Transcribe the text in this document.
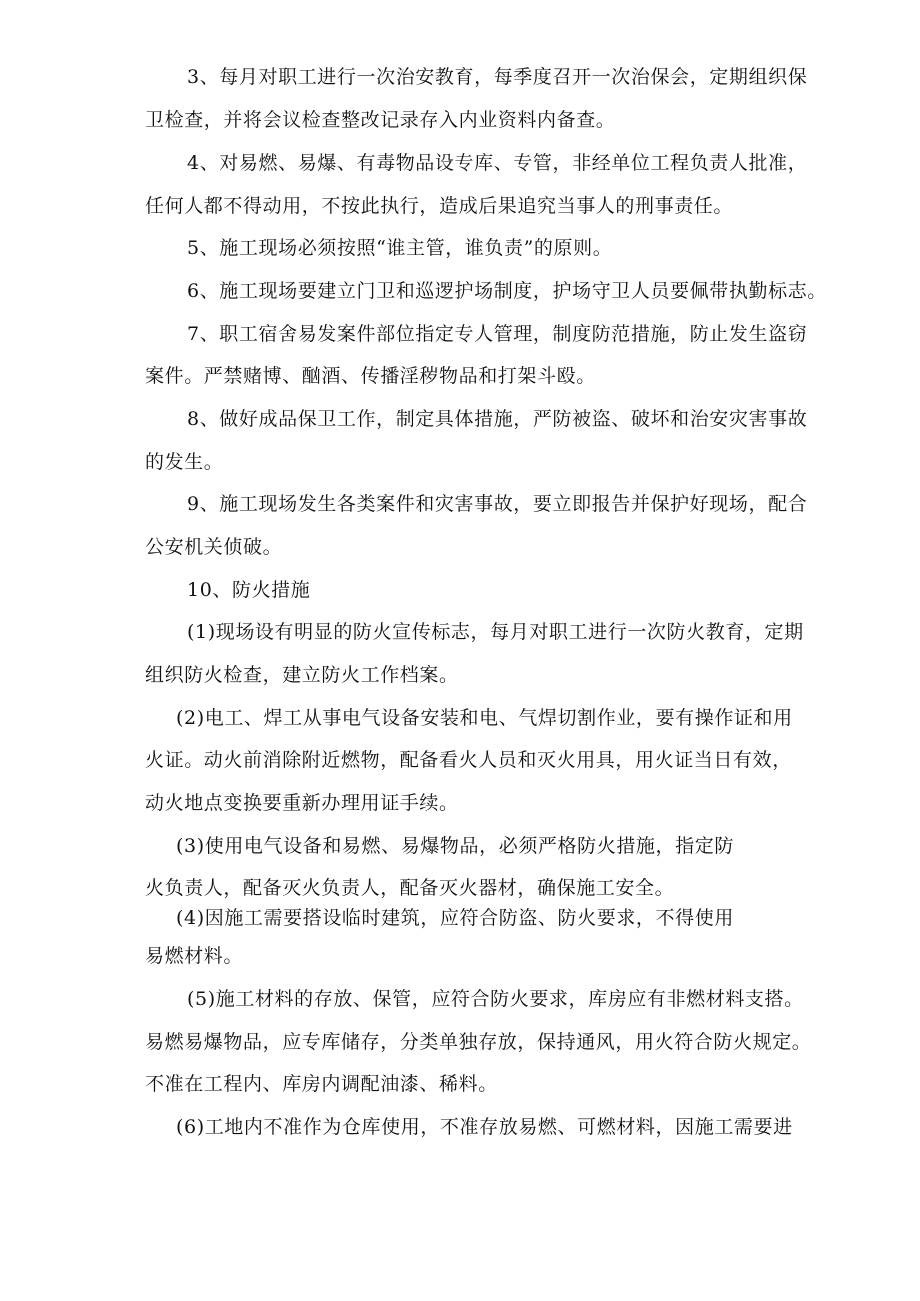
3、每月对职工进行一次治安教育，每季度召开一次治保会，定期组织保
卫检查，并将会议检查整改记录存入内业资料内备查。
4、对易燃、易爆、有毒物品设专库、专管，非经单位工程负责人批准，
任何人都不得动用，不按此执行，造成后果追究当事人的刑事责任。
5、施工现场必须按照“谁主管，谁负责”的原则。
6、施工现场要建立门卫和巡逻护场制度，护场守卫人员要佩带执勤标志。
7、职工宿舍易发案件部位指定专人管理，制度防范措施，防止发生盗窃
案件。严禁赌博、酗酒、传播淫秽物品和打架斗殴。
8、做好成品保卫工作，制定具体措施，严防被盗、破坏和治安灾害事故
的发生。
9、施工现场发生各类案件和灾害事故，要立即报告并保护好现场，配合
公安机关侦破。
10、防火措施
(1)现场设有明显的防火宣传标志，每月对职工进行一次防火教育，定期
组织防火检查，建立防火工作档案。
(2)电工、焊工从事电气设备安装和电、气焊切割作业，要有操作证和用
火证。动火前消除附近燃物，配备看火人员和灭火用具，用火证当日有效，
动火地点变换要重新办理用证手续。
(3)使用电气设备和易燃、易爆物品，必须严格防火措施，指定防
火负责人，配备灭火负责人，配备灭火器材，确保施工安全。
(4)因施工需要搭设临时建筑，应符合防盗、防火要求，不得使用
易燃材料。
(5)施工材料的存放、保管，应符合防火要求，库房应有非燃材料支搭。
易燃易爆物品，应专库储存，分类单独存放，保持通风，用火符合防火规定。
不准在工程内、库房内调配油漆、稀料。
(6)工地内不准作为仓库使用，不准存放易燃、可燃材料，因施工需要进
